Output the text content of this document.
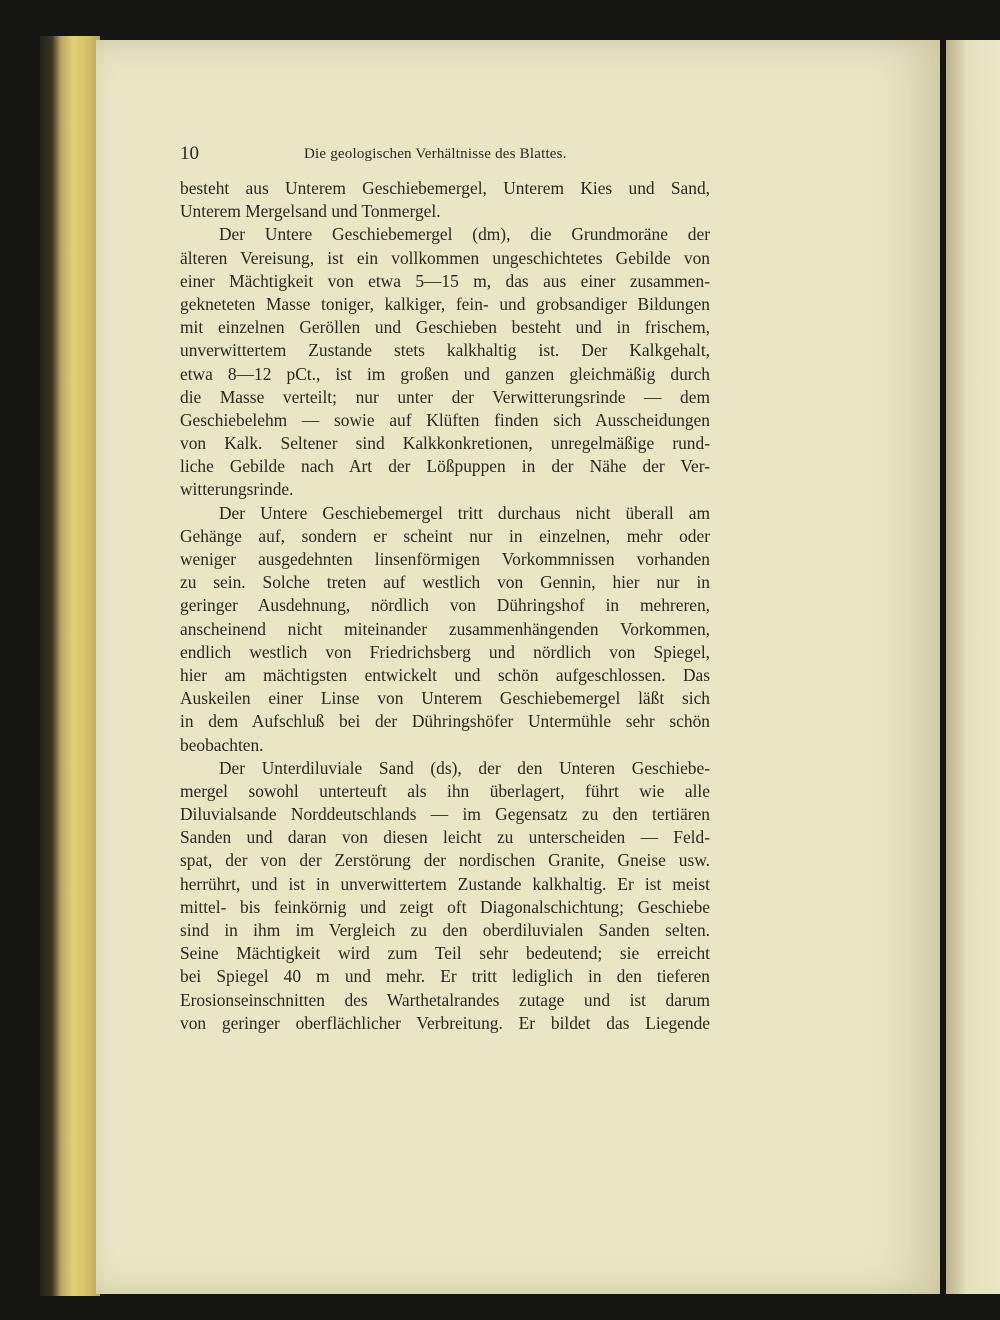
10	Die geologischen Verhältnisse des Blattes.
besteht aus Unterem Geschiebemergel, Unterem Kies und Sand,
Unterem Mergelsand und Tonmergel.
Der Untere Geschiebemergel (dm), die Grundmoräne der
älteren Vereisung, ist ein vollkommen ungeschichtetes Gebilde von
einer Mächtigkeit von etwa 5—15 m, das aus einer zusammen-
gekneteten Masse toniger, kalkiger, fein- und grobsandiger Bildungen
mit einzelnen Geröllen und Geschieben besteht und in frischem,
unverwittertem Zustande stets kalkhaltig ist. Der Kalkgehalt,
etwa 8—12 pCt., ist im großen und ganzen gleichmäßig durch
die Masse verteilt; nur unter der Verwitterungsrinde — dem
Geschiebelehm — sowie auf Klüften finden sich Ausscheidungen
von Kalk. Seltener sind Kalkkonkretionen, unregelmäßige rund-
liche Gebilde nach Art der Lößpuppen in der Nähe der Ver-
witterungsrinde.
Der Untere Geschiebemergel tritt durchaus nicht überall am
Gehänge auf, sondern er scheint nur in einzelnen, mehr oder
weniger ausgedehnten linsenförmigen Vorkommnissen vorhanden
zu sein. Solche treten auf westlich von Gennin, hier nur in
geringer Ausdehnung, nördlich von Dühringshof in mehreren,
anscheinend nicht miteinander zusammenhängenden Vorkommen,
endlich westlich von Friedrichsberg und nördlich von Spiegel,
hier am mächtigsten entwickelt und schön aufgeschlossen. Das
Auskeilen einer Linse von Unterem Geschiebemergel läßt sich
in dem Aufschluß bei der Dühringshöfer Untermühle sehr schön
beobachten.
Der Unterdiluviale Sand (ds), der den Unteren Geschiebe-
mergel sowohl unterteuft als ihn überlagert, führt wie alle
Diluvialsande Norddeutschlands — im Gegensatz zu den tertiären
Sanden und daran von diesen leicht zu unterscheiden — Feld-
spat, der von der Zerstörung der nordischen Granite, Gneise usw.
herrührt, und ist in unverwittertem Zustande kalkhaltig. Er ist meist
mittel- bis feinkörnig und zeigt oft Diagonalschichtung; Geschiebe
sind in ihm im Vergleich zu den oberdiluvialen Sanden selten.
Seine Mächtigkeit wird zum Teil sehr bedeutend; sie erreicht
bei Spiegel 40 m und mehr. Er tritt lediglich in den tieferen
Erosionseinschnitten des Warthetalrandes zutage und ist darum
von geringer oberflächlicher Verbreitung. Er bildet das Liegende
